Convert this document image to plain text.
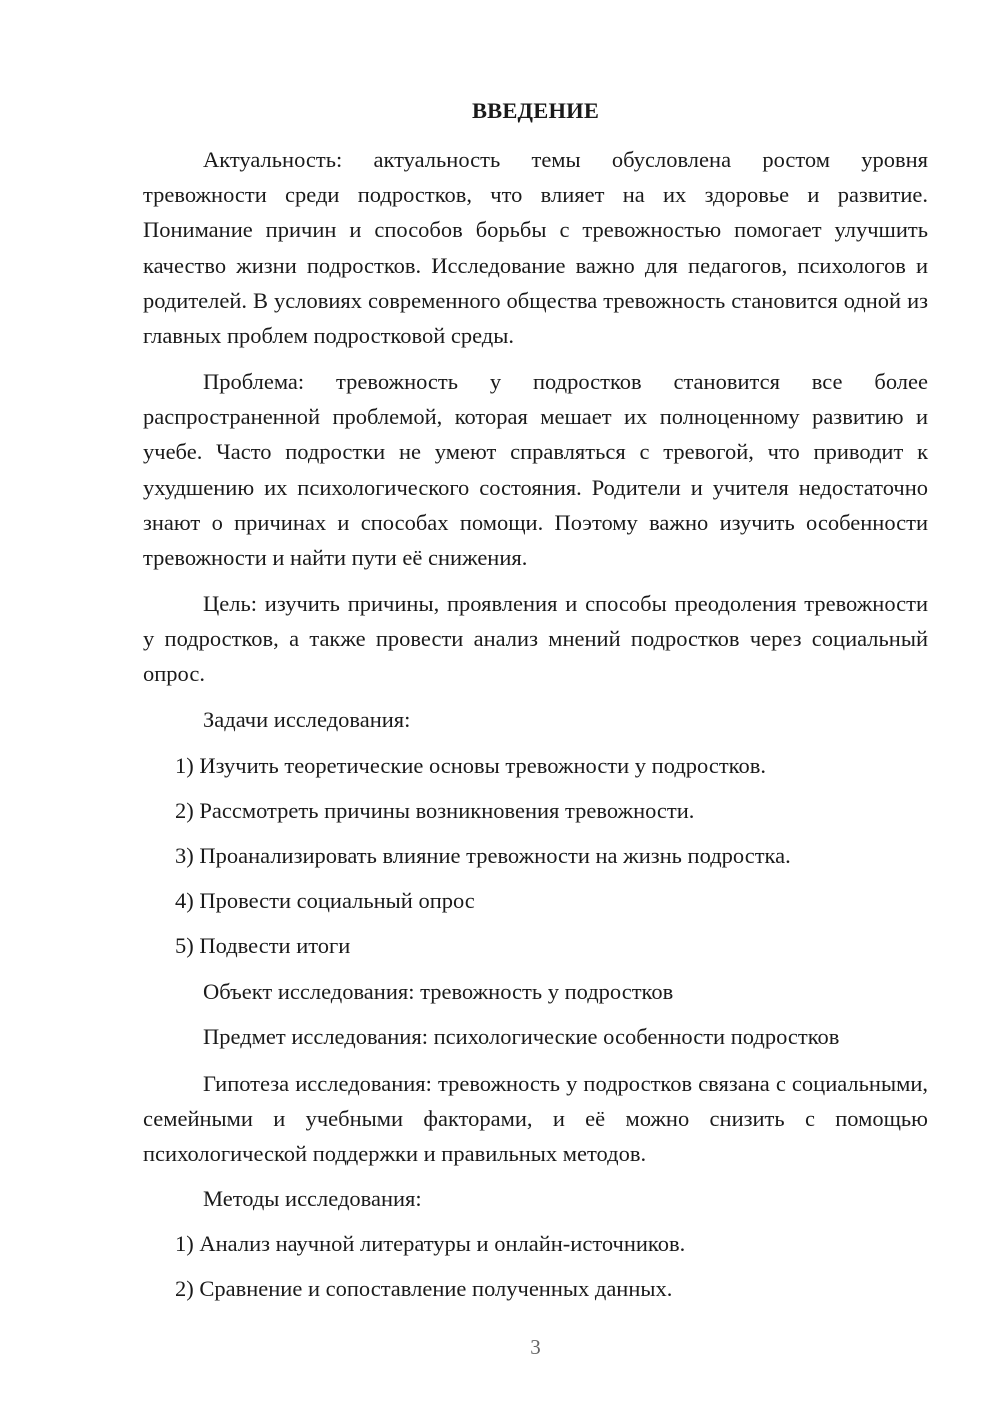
ВВЕДЕНИЕ

Актуальность: актуальность темы обусловлена ростом уровня тревожности среди подростков, что влияет на их здоровье и развитие. Понимание причин и способов борьбы с тревожностью помогает улучшить качество жизни подростков. Исследование важно для педагогов, психологов и родителей. В условиях современного общества тревожность становится одной из главных проблем подростковой среды.

Проблема: тревожность у подростков становится все более распространенной проблемой, которая мешает их полноценному развитию и учебе. Часто подростки не умеют справляться с тревогой, что приводит к ухудшению их психологического состояния. Родители и учителя недостаточно знают о причинах и способах помощи. Поэтому важно изучить особенности тревожности и найти пути её снижения.

Цель: изучить причины, проявления и способы преодоления тревожности у подростков, а также провести анализ мнений подростков через социальный опрос.

Задачи исследования:

1) Изучить теоретические основы тревожности у подростков.

2) Рассмотреть причины возникновения тревожности.

3) Проанализировать влияние тревожности на жизнь подростка.

4) Провести социальный опрос

5) Подвести итоги

Объект исследования: тревожность у подростков

Предмет исследования: психологические особенности подростков

Гипотеза исследования: тревожность у подростков связана с социальными, семейными и учебными факторами, и её можно снизить с помощью психологической поддержки и правильных методов.

Методы исследования:

1) Анализ научной литературы и онлайн-источников.

2) Сравнение и сопоставление полученных данных.

3
